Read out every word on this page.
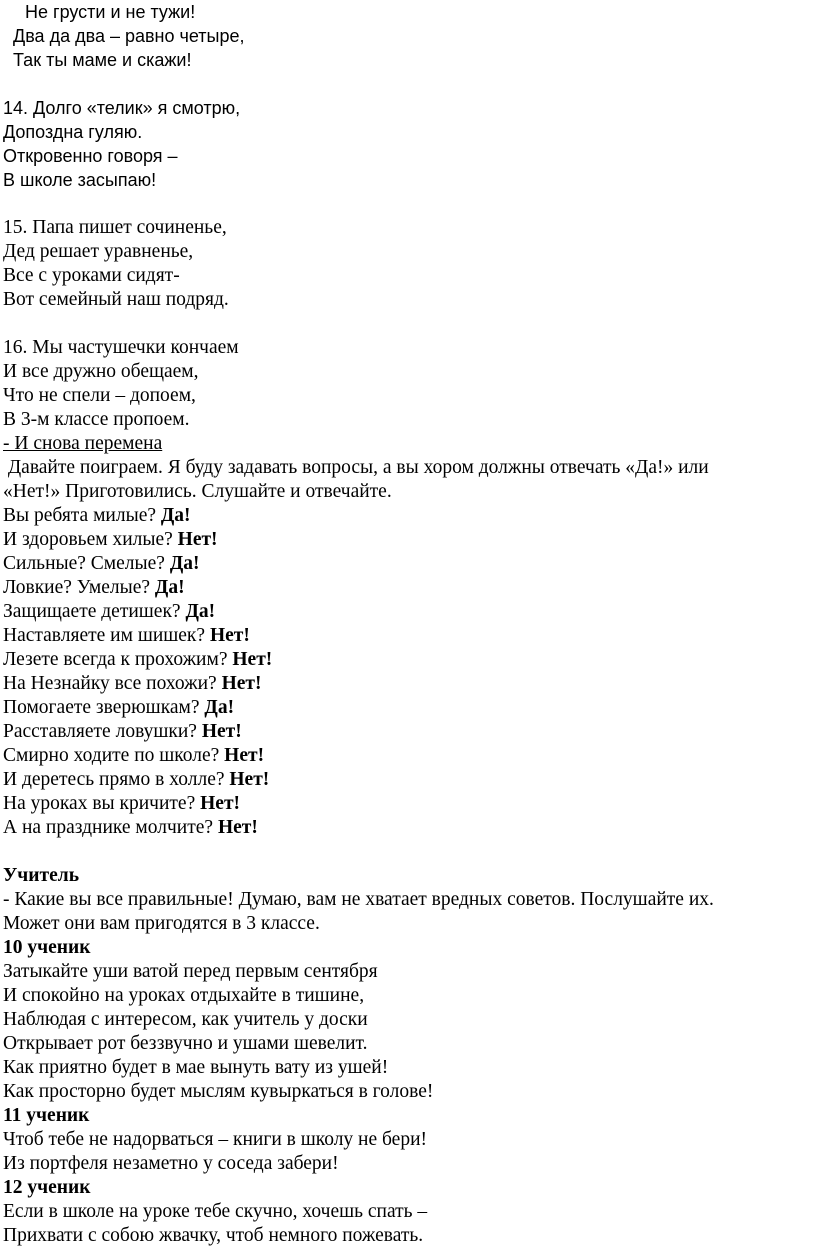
Не грусти и не тужи!
Два да два – равно четыре,
Так ты маме и скажи!
14. Долго «телик» я смотрю,
Допоздна гуляю.
Откровенно говоря –
В школе засыпаю!
15. Папа пишет сочиненье,
Дед решает уравненье,
Все с уроками сидят-
Вот семейный наш подряд.
16. Мы частушечки кончаем
И все дружно обещаем,
Что не спели – допоем,
В 3-м классе пропоем.
- И снова перемена
Давайте поиграем. Я буду задавать вопросы, а вы хором должны отвечать «Да!» или
«Нет!» Приготовились. Слушайте и отвечайте.
Вы ребята милые? Да!
И здоровьем хилые? Нет!
Сильные? Смелые? Да!
Ловкие? Умелые? Да!
Защищаете детишек? Да!
Наставляете им шишек? Нет!
Лезете всегда к прохожим? Нет!
На Незнайку все похожи? Нет!
Помогаете зверюшкам? Да!
Расставляете ловушки? Нет!
Смирно ходите по школе? Нет!
И деретесь прямо в холле? Нет!
На уроках вы кричите? Нет!
А на празднике молчите? Нет!
Учитель
- Какие вы все правильные! Думаю, вам не хватает вредных советов. Послушайте их.
Может они вам пригодятся в 3 классе.
10 ученик
Затыкайте уши ватой перед первым сентября
И спокойно на уроках отдыхайте в тишине,
Наблюдая с интересом, как учитель у доски
Открывает рот беззвучно и ушами шевелит.
Как приятно будет в мае вынуть вату из ушей!
Как просторно будет мыслям кувыркаться в голове!
11 ученик
Чтоб тебе не надорваться – книги в школу не бери!
Из портфеля незаметно у соседа забери!
12 ученик
Если в школе на уроке тебе скучно, хочешь спать –
Прихвати с собою жвачку, чтоб немного пожевать.
